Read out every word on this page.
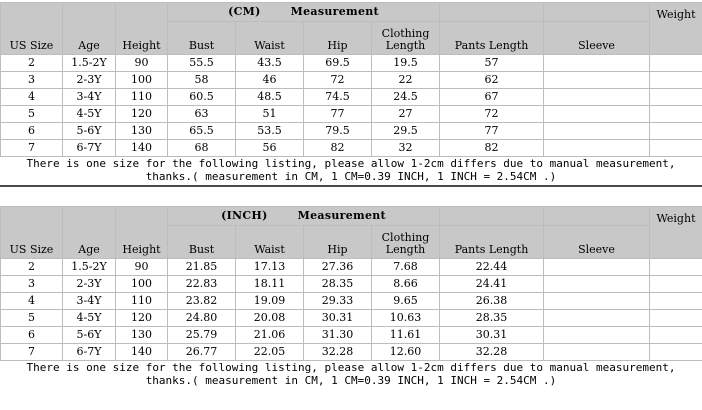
US Size	Age	Height	(CM) Measurement						Weight
			Bust	Waist	Hip	Clothing Length	Pants Length	Sleeve	
2	1.5-2Y	90	55.5	43.5	69.5	19.5	57		
3	2-3Y	100	58	46	72	22	62		
4	3-4Y	110	60.5	48.5	74.5	24.5	67		
5	4-5Y	120	63	51	77	27	72		
6	5-6Y	130	65.5	53.5	79.5	29.5	77		
7	6-7Y	140	68	56	82	32	82		

There is one size for the following listing, please allow 1-2cm differs due to manual measurement,

thanks.( measurement in CM, 1 CM=0.39 INCH, 1 INCH = 2.54CM .)

US Size	Age	Height	(INCH) Measurement						Weight
			Bust	Waist	Hip	Clothing Length	Pants Length	Sleeve	
2	1.5-2Y	90	21.85	17.13	27.36	7.68	22.44		
3	2-3Y	100	22.83	18.11	28.35	8.66	24.41		
4	3-4Y	110	23.82	19.09	29.33	9.65	26.38		
5	4-5Y	120	24.80	20.08	30.31	10.63	28.35		
6	5-6Y	130	25.79	21.06	31.30	11.61	30.31		
7	6-7Y	140	26.77	22.05	32.28	12.60	32.28		

There is one size for the following listing, please allow 1-2cm differs due to manual measurement,

thanks.( measurement in CM, 1 CM=0.39 INCH, 1 INCH = 2.54CM .)
